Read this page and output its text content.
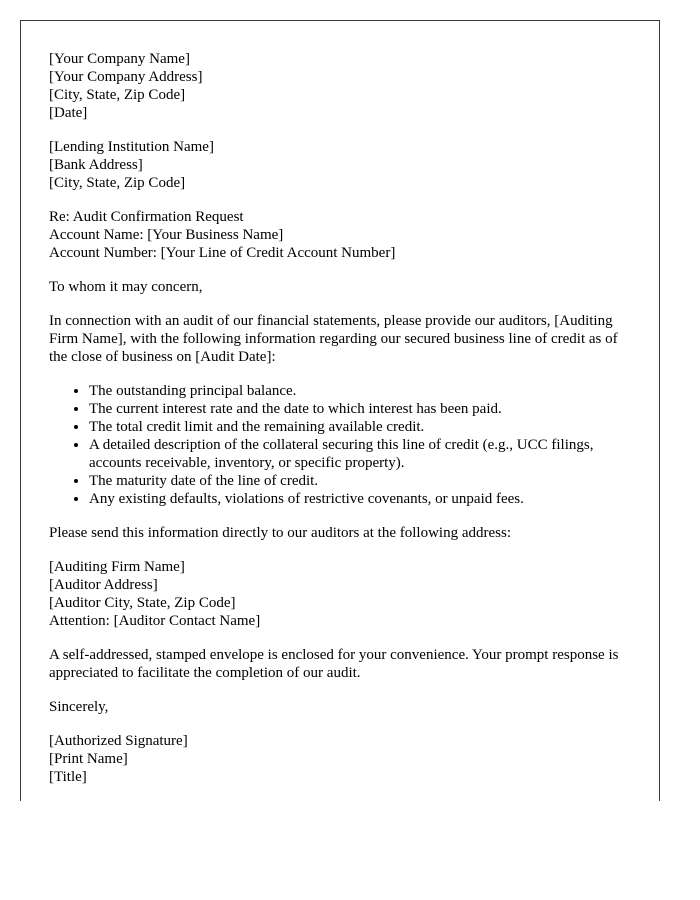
[Your Company Name]
[Your Company Address]
[City, State, Zip Code]
[Date]
[Lending Institution Name]
[Bank Address]
[City, State, Zip Code]
Re: Audit Confirmation Request
Account Name: [Your Business Name]
Account Number: [Your Line of Credit Account Number]

To whom it may concern,

In connection with an audit of our financial statements, please provide our auditors, [Auditing Firm Name], with the following information regarding our secured business line of credit as of the close of business on [Audit Date]:

• The outstanding principal balance.
• The current interest rate and the date to which interest has been paid.
• The total credit limit and the remaining available credit.
• A detailed description of the collateral securing this line of credit (e.g., UCC filings, accounts receivable, inventory, or specific property).
• The maturity date of the line of credit.
• Any existing defaults, violations of restrictive covenants, or unpaid fees.

Please send this information directly to our auditors at the following address:

[Auditing Firm Name]
[Auditor Address]
[Auditor City, State, Zip Code]
Attention: [Auditor Contact Name]

A self-addressed, stamped envelope is enclosed for your convenience. Your prompt response is appreciated to facilitate the completion of our audit.

Sincerely,

[Authorized Signature]
[Print Name]
[Title]
